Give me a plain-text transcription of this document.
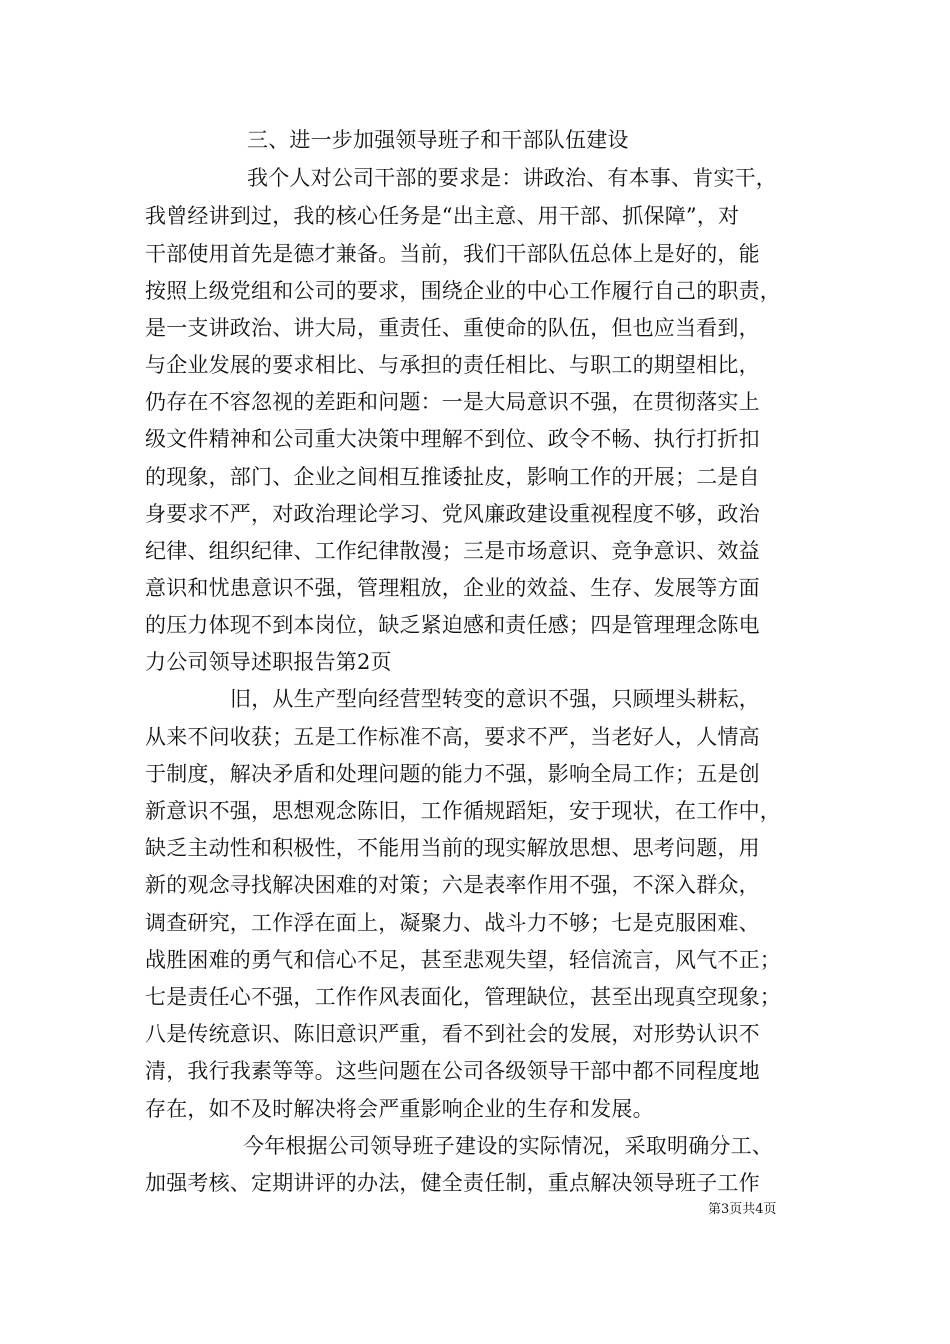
三、进一步加强领导班子和干部队伍建设
我个人对公司干部的要求是：讲政治、有本事、肯实干，
我曾经讲到过，我的核心任务是“出主意、用干部、抓保障”，对
干部使用首先是德才兼备。当前，我们干部队伍总体上是好的，能
按照上级党组和公司的要求，围绕企业的中心工作履行自己的职责，
是一支讲政治、讲大局，重责任、重使命的队伍，但也应当看到，
与企业发展的要求相比、与承担的责任相比、与职工的期望相比，
仍存在不容忽视的差距和问题：一是大局意识不强，在贯彻落实上
级文件精神和公司重大决策中理解不到位、政令不畅、执行打折扣
的现象，部门、企业之间相互推诿扯皮，影响工作的开展；二是自
身要求不严，对政治理论学习、党风廉政建设重视程度不够，政治
纪律、组织纪律、工作纪律散漫；三是市场意识、竞争意识、效益
意识和忧患意识不强，管理粗放，企业的效益、生存、发展等方面
的压力体现不到本岗位，缺乏紧迫感和责任感；四是管理理念陈电
力公司领导述职报告第2页
旧，从生产型向经营型转变的意识不强，只顾埋头耕耘，
从来不问收获；五是工作标准不高，要求不严，当老好人，人情高
于制度，解决矛盾和处理问题的能力不强，影响全局工作；五是创
新意识不强，思想观念陈旧，工作循规蹈矩，安于现状，在工作中，
缺乏主动性和积极性，不能用当前的现实解放思想、思考问题，用
新的观念寻找解决困难的对策；六是表率作用不强，不深入群众，
调查研究，工作浮在面上，凝聚力、战斗力不够；七是克服困难、
战胜困难的勇气和信心不足，甚至悲观失望，轻信流言，风气不正；
七是责任心不强，工作作风表面化，管理缺位，甚至出现真空现象；
八是传统意识、陈旧意识严重，看不到社会的发展，对形势认识不
清，我行我素等等。这些问题在公司各级领导干部中都不同程度地
存在，如不及时解决将会严重影响企业的生存和发展。
今年根据公司领导班子建设的实际情况，采取明确分工、
加强考核、定期讲评的办法，健全责任制，重点解决领导班子工作
第3页共4页
